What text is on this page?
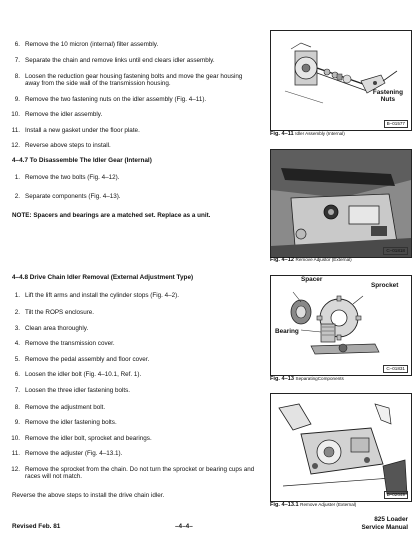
6. Remove the 10 micron (internal) filter assembly.
7. Separate the chain and remove links until end clears idler assembly.
8. Loosen the reduction gear housing fastening bolts and move the gear housing away from the side wall of the transmission housing.
9. Remove the two fastening nuts on the idler assembly (Fig. 4–11).
10. Remove the idler assembly.
11. Install a new gasket under the floor plate.
12. Reverse above steps to install.
4–4.7 To Disassemble The Idler Gear (Internal)
1. Remove the two bolts (Fig. 4–12).
2. Separate components (Fig. 4–13).
NOTE: Spacers and bearings are a matched set. Replace as a unit.
4–4.8 Drive Chain Idler Removal (External Adjustment Type)
1. Lift the lift arms and install the cylinder stops (Fig. 4–2).
2. Tilt the ROPS enclosure.
3. Clean area thoroughly.
4. Remove the transmission cover.
5. Remove the pedal assembly and floor cover.
6. Loosen the idler bolt (Fig. 4–10.1, Ref. 1).
7. Loosen the three idler fastening bolts.
8. Remove the adjustment bolt.
9. Remove the idler fastening bolts.
10. Remove the idler bolt, sprocket and bearings.
11. Remove the adjuster (Fig. 4–13.1).
12. Remove the sprocket from the chain. Do not turn the sprocket or bearing cups and races will not match.
Reverse the above steps to install the drive chain idler.
Fastening
Nuts
B–01577
Fig. 4–11 Idler Assembly (Internal)
C–01818
Fig. 4–12 Remove Adjustor (External)
Spacer
Sprocket
Bearing
C–01831
Fig. 4–13 SeparatingComponents
B–02649
Fig. 4–13.1 Remove Adjuster (External)
Revised Feb. 81	–4–4–
825 Loader
Service Manual
